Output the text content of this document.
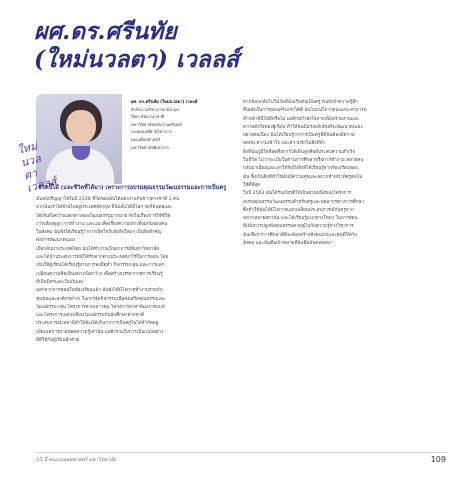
ผศ.ดร.ศรีนทัย
(ใหม่นวลตา) เวลลส์
ใหม่นวลตา เวลลส์
ผศ. ดร.ศรีนทัย (ใหม่นวลตา) เวลลส์
สังกัดภาควิชาภาษาอังกฤษ
วิทยาลัยนานาชาติ
มหาวิทยาลัยสงขลานครินทร์
รองคณบดีฝ่ายวิชาการ
คณะศิลปศาสตร์
มหาวิทยาลัยศิลปากร
ชีวิตนี้ได้ (และชีวิตที่ได้มา) เพราะการอบรมคุณธรรมวัฒนธรรมและการเป็นครู

ฉันจบปริญญาโทในปี 2538 ชีวิตของฉันได้แต่งงานกับชาวต่างชาติ 1 คน
จากนั้นเราได้ย้ายไปอยู่ประเทศอังกฤษ ที่นั่นฉันได้มีโอกาสเรียนต่อและ
ได้เห็นถึงความแตกต่างของวัฒนธรรมมากมาย ทั้งในเรื่องการใช้ชีวิต
การเลี้ยงดูลูก การทำงาน และแนวคิดเรื่องความเท่าเทียมกันของคน
ในสังคม ฉันจึงได้เรียนรู้ว่าการเปิดใจรับฟังสิ่งใหม่ๆ เป็นสิ่งสำคัญ
ต่อการพัฒนาตนเอง

เมื่อกลับมาประเทศไทย ฉันได้ทำงานเป็นอาจารย์ที่มหาวิทยาลัย
และได้นำประสบการณ์ที่ได้รับจากต่างประเทศมาใช้ในการสอน โดย
เน้นให้ผู้เรียนได้เรียนรู้ผ่านการลงมือทำ กิจกรรมกลุ่ม และการแลก
เปลี่ยนความคิดเห็นอย่างเปิดกว้าง เพื่อสร้างบรรยากาศการเรียนรู้
ที่เป็นมิตรและเป็นกันเอง

นอกจากการสอนในห้องเรียนแล้ว ฉันยังได้มีโอกาสทำงานร่วมกับ
ชุมชนและองค์กรต่างๆ ในการจัดกิจกรรมเพื่อส่งเสริมคุณธรรมและ
วัฒนธรรม เช่น โครงการค่ายเยาวชน โครงการอาสาพัฒนาชนบท
และโครงการแลกเปลี่ยนวัฒนธรรมกับนักศึกษาต่างชาติ
ประสบการณ์เหล่านี้ทำให้ฉันได้เห็นว่าการเป็นครูไม่ได้จำกัดอยู่
เพียงแค่การถ่ายทอดความรู้เท่านั้น แต่ยังรวมถึงการเป็นแบบอย่าง
ที่ดีให้กับผู้เรียนอีกด้วย

หากย้อนกลับไปในวันที่ฉันเริ่มต้นเป็นครู ฉันยังจำความรู้สึก
ตื่นเต้นในการสอนครั้งแรกได้ดี ฉันไม่แน่ใจว่าตนเองจะสามารถ
ทำหน้าที่นี้ได้ดีหรือไม่ แต่ด้วยกำลังใจจากเพื่อนร่วมงานและ
ความตั้งใจของผู้เรียน ทำให้ฉันมีแรงผลักดันที่จะพัฒนาตนเอง
อย่างต่อเนื่อง ฉันได้เรียนรู้ว่าการเป็นครูที่ดีนั้นต้องมีความ
อดทน ความเข้าใจ และความรักในสิ่งที่ทำ
สิ่งที่ฉันภูมิใจที่สุดคือการได้เห็นลูกศิษย์ประสบความสำเร็จ
ในชีวิต ไม่ว่าจะเป็นในด้านการศึกษาหรือการทำงาน หลายคน
กลับมาเยี่ยมและเล่าให้ฟังถึงสิ่งที่ได้เรียนรู้จากห้องเรียนของ
ฉัน ซึ่งเป็นสิ่งที่ทำให้ฉันมีความสุขและอยากทำหน้าที่ครูต่อไป
ให้ดีที่สุด

ในปี 2563 ฉันได้รับเกียรติให้เป็นส่วนหนึ่งของโครงการ
อบรมคุณธรรมวัฒนธรรมสำหรับครูและบุคลากรทางการศึกษา
ซึ่งทำให้ฉันได้มีโอกาสแลกเปลี่ยนประสบการณ์กับครูจาก
หลากหลายสถาบัน และได้เรียนรู้แนวทางใหม่ๆ ในการสอน
ที่เน้นการปลูกฝังคุณธรรมควบคู่ไปกับความรู้ทางวิชาการ
ฉันเชื่อว่าการศึกษาที่ดีจะต้องสร้างทั้งคนเก่งและคนดีให้กับ
สังคม และนั่นคือเป้าหมายที่ฉันยึดมั่นตลอดมา

55 ปี คณะมนุษยศาสตร์ มหาวิทยาลัย	109
